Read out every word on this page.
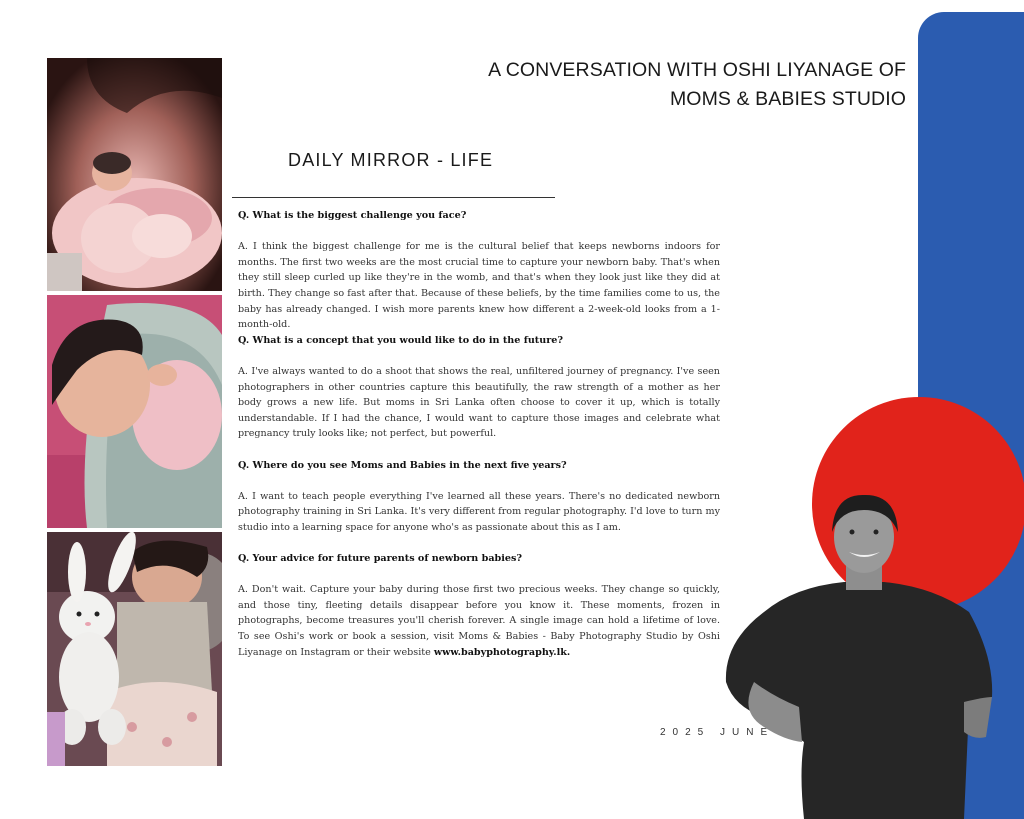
A CONVERSATION WITH OSHI LIYANAGE OF
MOMS & BABIES STUDIO
DAILY MIRROR - LIFE

Q. What is the biggest challenge you face?

A. I think the biggest challenge for me is the cultural belief that keeps newborns indoors for months. The first two weeks are the most crucial time to capture your newborn baby. That's when they still sleep curled up like they're in the womb, and that's when they look just like they did at birth. They change so fast after that. Because of these beliefs, by the time families come to us, the baby has already changed. I wish more parents knew how different a 2-week-old looks from a 1-month-old.

Q. What is a concept that you would like to do in the future?

A. I've always wanted to do a shoot that shows the real, unfiltered journey of pregnancy. I've seen photographers in other countries capture this beautifully, the raw strength of a mother as her body grows a new life. But moms in Sri Lanka often choose to cover it up, which is totally understandable. If I had the chance, I would want to capture those images and celebrate what pregnancy truly looks like; not perfect, but powerful.

Q. Where do you see Moms and Babies in the next five years?

A. I want to teach people everything I've learned all these years. There's no dedicated newborn photography training in Sri Lanka. It's very different from regular photography. I'd love to turn my studio into a learning space for anyone who's as passionate about this as I am.

Q. Your advice for future parents of newborn babies?

A. Don't wait. Capture your baby during those first two precious weeks. They change so quickly, and those tiny, fleeting details disappear before you know it. These moments, frozen in photographs, become treasures you'll cherish forever. A single image can hold a lifetime of love. To see Oshi's work or book a session, visit Moms & Babies - Baby Photography Studio by Oshi Liyanage on Instagram or their website www.babyphotography.lk.

2025 JUNE
